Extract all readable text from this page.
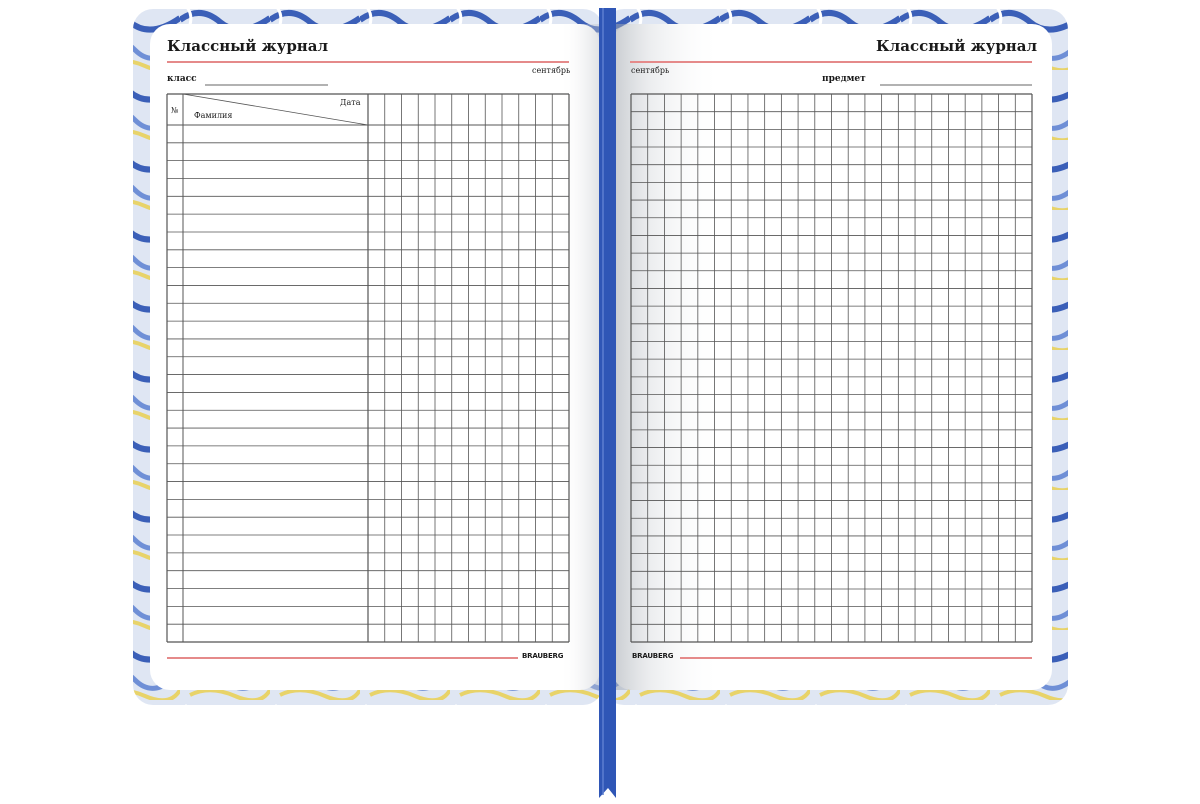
Классный журнал
класс
сентябрь
№
Дата
Фамилия
BRAUBERG
Классный журнал
сентябрь
предмет
BRAUBERG
